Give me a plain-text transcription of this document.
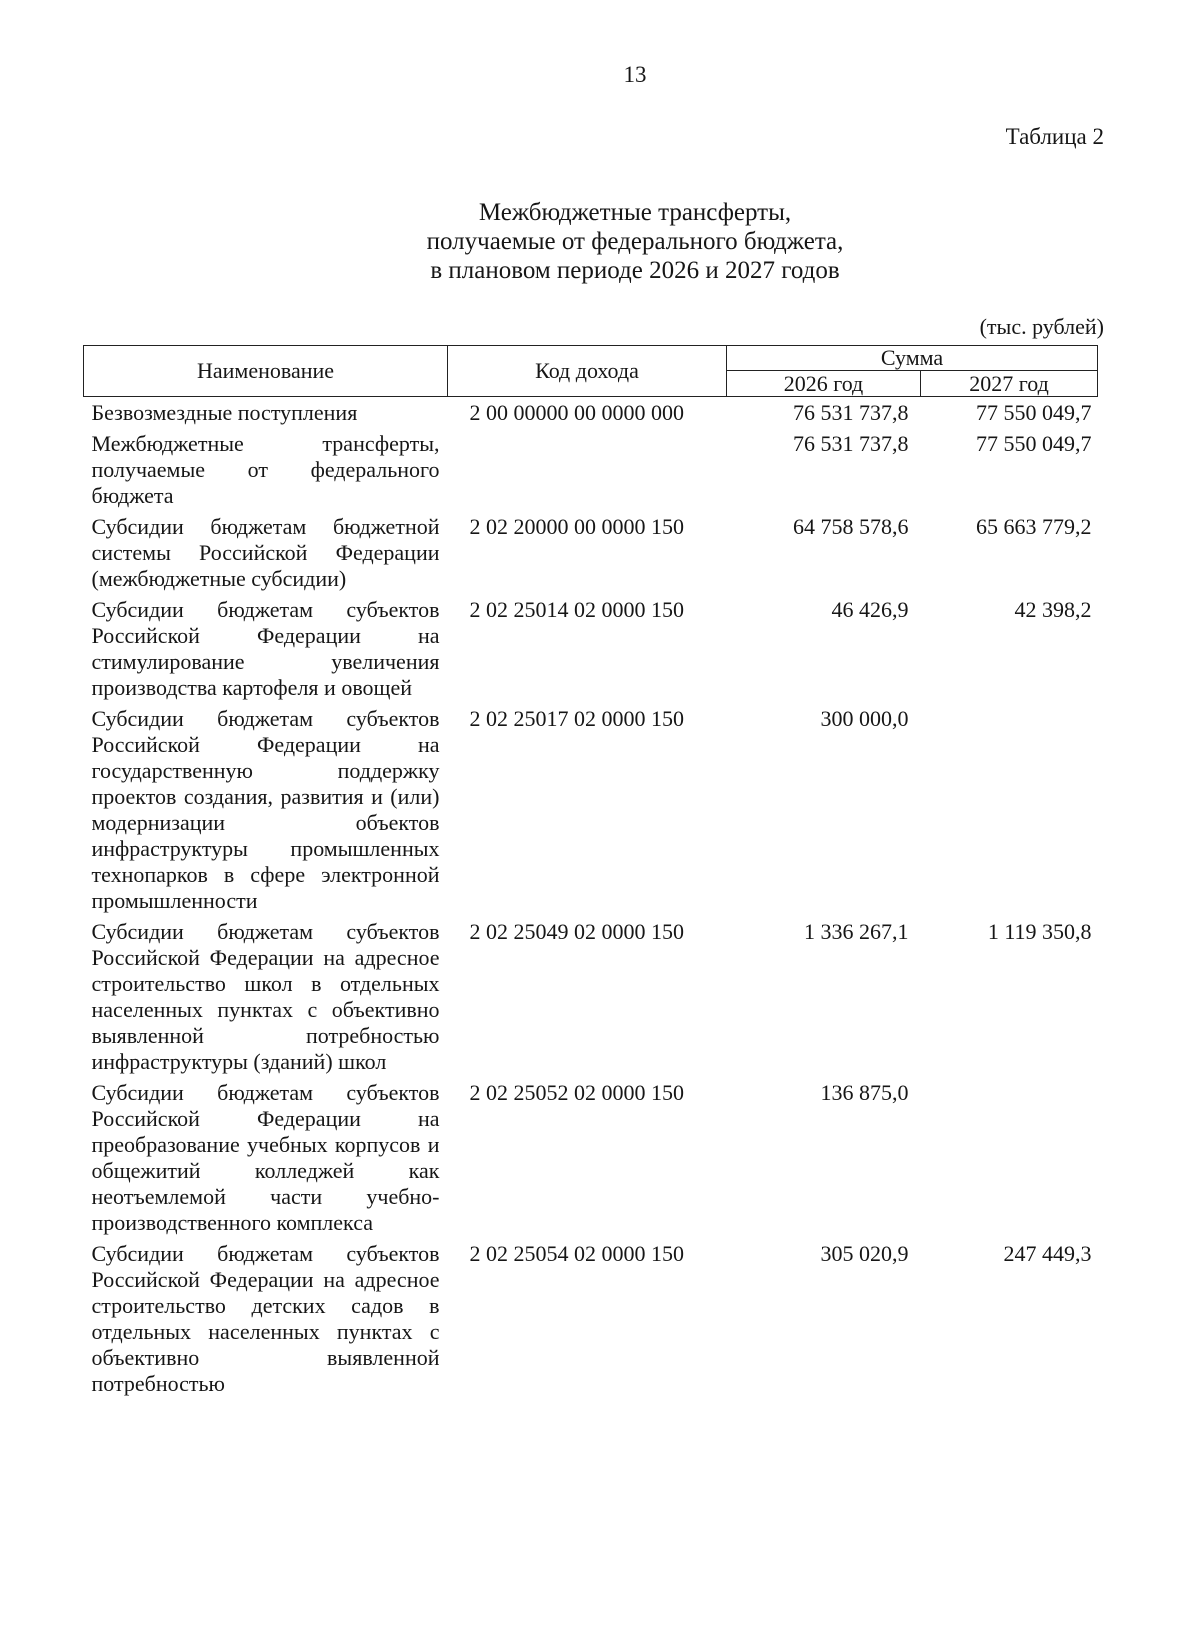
13
Таблица 2
Межбюджетные трансферты,
получаемые от федерального бюджета,
в плановом периоде 2026 и 2027 годов
(тыс. рублей)
Наименование	Код дохода	Сумма	
		2026 год	2027 год
Безвозмездные поступления	2 00 00000 00 0000 000	76 531 737,8	77 550 049,7
Межбюджетные трансферты, получаемые от федерального бюджета		76 531 737,8	77 550 049,7
Субсидии бюджетам бюджетной системы Российской Федерации (межбюджетные субсидии)	2 02 20000 00 0000 150	64 758 578,6	65 663 779,2
Субсидии бюджетам субъектов Российской Федерации на стимулирование увеличения производства картофеля и овощей	2 02 25014 02 0000 150	46 426,9	42 398,2
Субсидии бюджетам субъектов Российской Федерации на государственную поддержку проектов создания, развития и (или) модернизации объектов инфраструктуры промышленных технопарков в сфере электронной промышленности	2 02 25017 02 0000 150	300 000,0	
Субсидии бюджетам субъектов Российской Федерации на адресное строительство школ в отдельных населенных пунктах с объективно выявленной потребностью инфраструктуры (зданий) школ	2 02 25049 02 0000 150	1 336 267,1	1 119 350,8
Субсидии бюджетам субъектов Российской Федерации на преобразование учебных корпусов и общежитий колледжей как неотъемлемой части учебно-производственного комплекса	2 02 25052 02 0000 150	136 875,0	
Субсидии бюджетам субъектов Российской Федерации на адресное строительство детских садов в отдельных населенных пунктах с объективно выявленной потребностью	2 02 25054 02 0000 150	305 020,9	247 449,3
